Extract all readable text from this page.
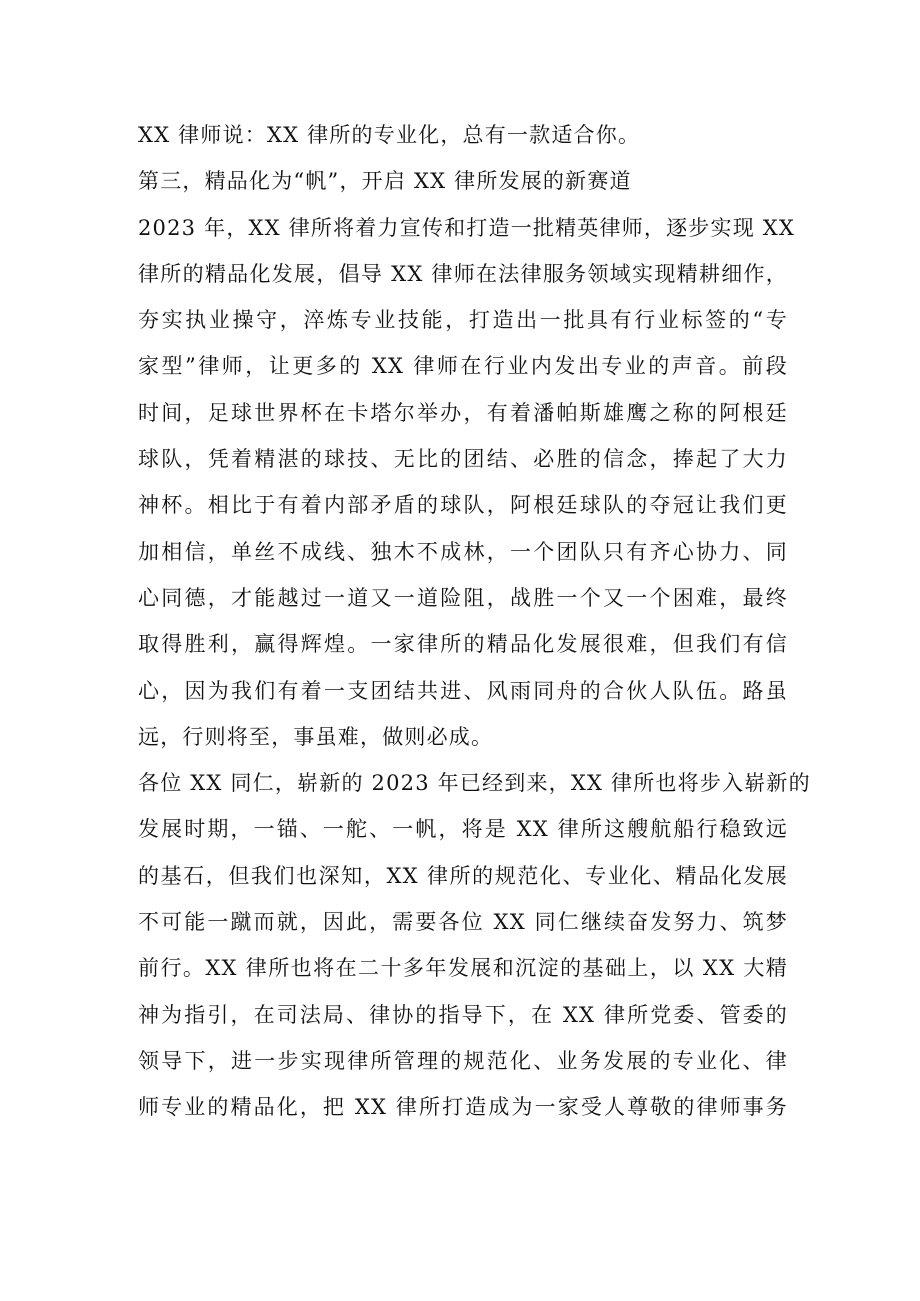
XX 律师说：XX 律所的专业化，总有一款适合你。
第三，精品化为“帆”，开启 XX 律所发展的新赛道
2023 年，XX 律所将着力宣传和打造一批精英律师，逐步实现 XX
律所的精品化发展，倡导 XX 律师在法律服务领域实现精耕细作，
夯实执业操守，淬炼专业技能，打造出一批具有行业标签的“专
家型”律师，让更多的 XX 律师在行业内发出专业的声音。前段
时间，足球世界杯在卡塔尔举办，有着潘帕斯雄鹰之称的阿根廷
球队，凭着精湛的球技、无比的团结、必胜的信念，捧起了大力
神杯。相比于有着内部矛盾的球队，阿根廷球队的夺冠让我们更
加相信，单丝不成线、独木不成林，一个团队只有齐心协力、同
心同德，才能越过一道又一道险阻，战胜一个又一个困难，最终
取得胜利，赢得辉煌。一家律所的精品化发展很难，但我们有信
心，因为我们有着一支团结共进、风雨同舟的合伙人队伍。路虽
远，行则将至，事虽难，做则必成。
各位 XX 同仁，崭新的 2023 年已经到来，XX 律所也将步入崭新的
发展时期，一锚、一舵、一帆，将是 XX 律所这艘航船行稳致远
的基石，但我们也深知，XX 律所的规范化、专业化、精品化发展
不可能一蹴而就，因此，需要各位 XX 同仁继续奋发努力、筑梦
前行。XX 律所也将在二十多年发展和沉淀的基础上，以 XX 大精
神为指引，在司法局、律协的指导下，在 XX 律所党委、管委的
领导下，进一步实现律所管理的规范化、业务发展的专业化、律
师专业的精品化，把 XX 律所打造成为一家受人尊敬的律师事务
